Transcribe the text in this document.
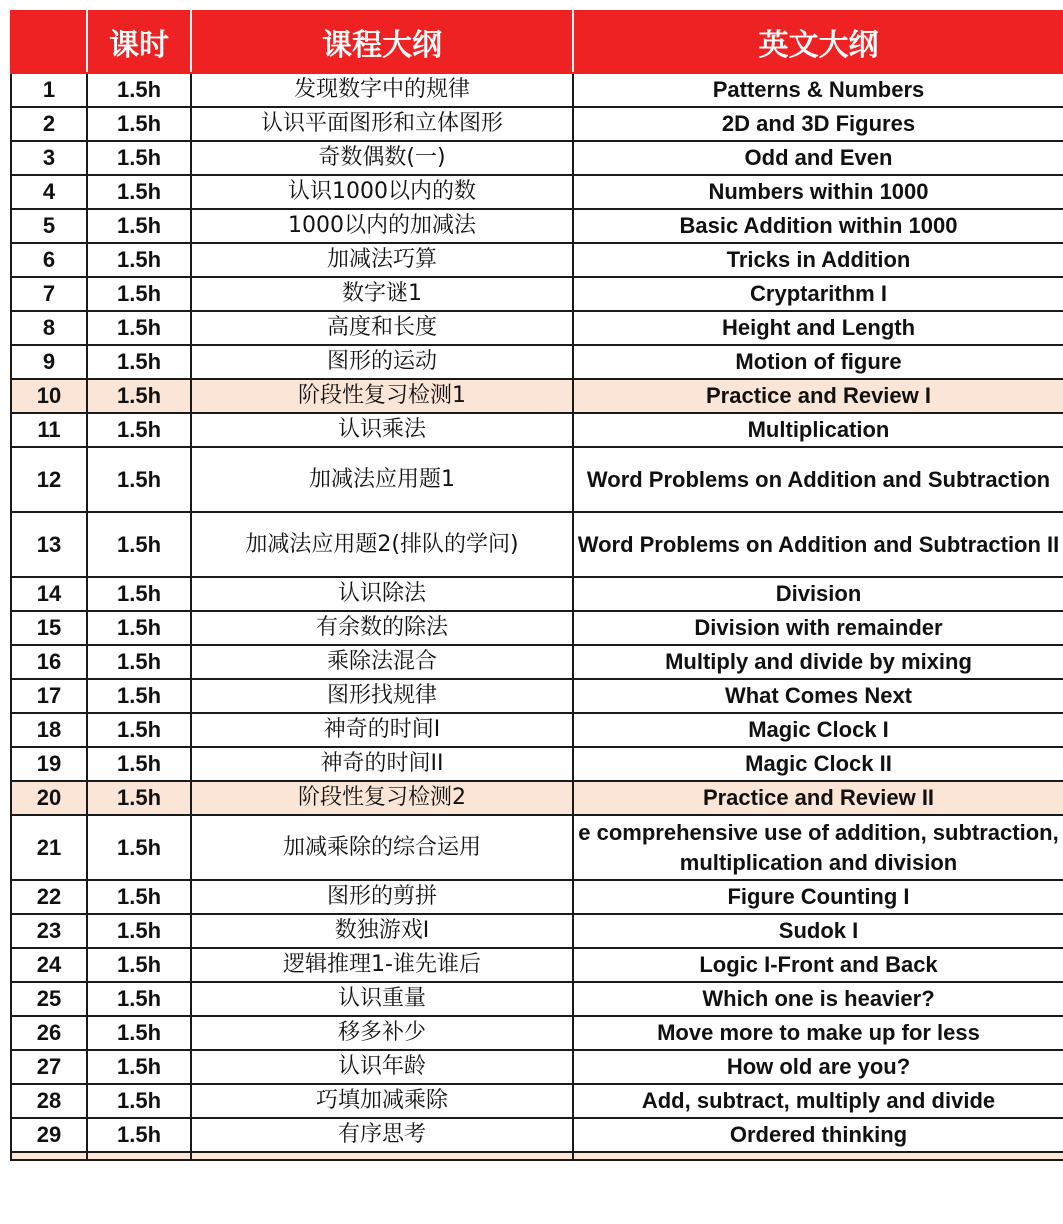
	课时	课程大纲	英文大纲
1	1.5h	发现数字中的规律	Patterns & Numbers
2	1.5h	认识平面图形和立体图形	2D and 3D Figures
3	1.5h	奇数偶数(一)	Odd and Even
4	1.5h	认识1000以内的数	Numbers within 1000
5	1.5h	1000以内的加减法	Basic Addition within 1000
6	1.5h	加减法巧算	Tricks in Addition
7	1.5h	数字谜1	Cryptarithm I
8	1.5h	高度和长度	Height and Length
9	1.5h	图形的运动	Motion of figure
10	1.5h	阶段性复习检测1	Practice and Review I
11	1.5h	认识乘法	Multiplication
12	1.5h	加减法应用题1	Word Problems on Addition and Subtraction
13	1.5h	加减法应用题2(排队的学问)	Word Problems on Addition and Subtraction II
14	1.5h	认识除法	Division
15	1.5h	有余数的除法	Division with remainder
16	1.5h	乘除法混合	Multiply and divide by mixing
17	1.5h	图形找规律	What Comes Next
18	1.5h	神奇的时间I	Magic Clock I
19	1.5h	神奇的时间II	Magic Clock II
20	1.5h	阶段性复习检测2	Practice and Review II
21	1.5h	加减乘除的综合运用	e comprehensive use of addition, subtraction, multiplication and division
22	1.5h	图形的剪拼	Figure Counting I
23	1.5h	数独游戏I	Sudok I
24	1.5h	逻辑推理1-谁先谁后	Logic I-Front and Back
25	1.5h	认识重量	Which one is heavier?
26	1.5h	移多补少	Move more to make up for less
27	1.5h	认识年龄	How old are you?
28	1.5h	巧填加减乘除	Add, subtract, multiply and divide
29	1.5h	有序思考	Ordered thinking
